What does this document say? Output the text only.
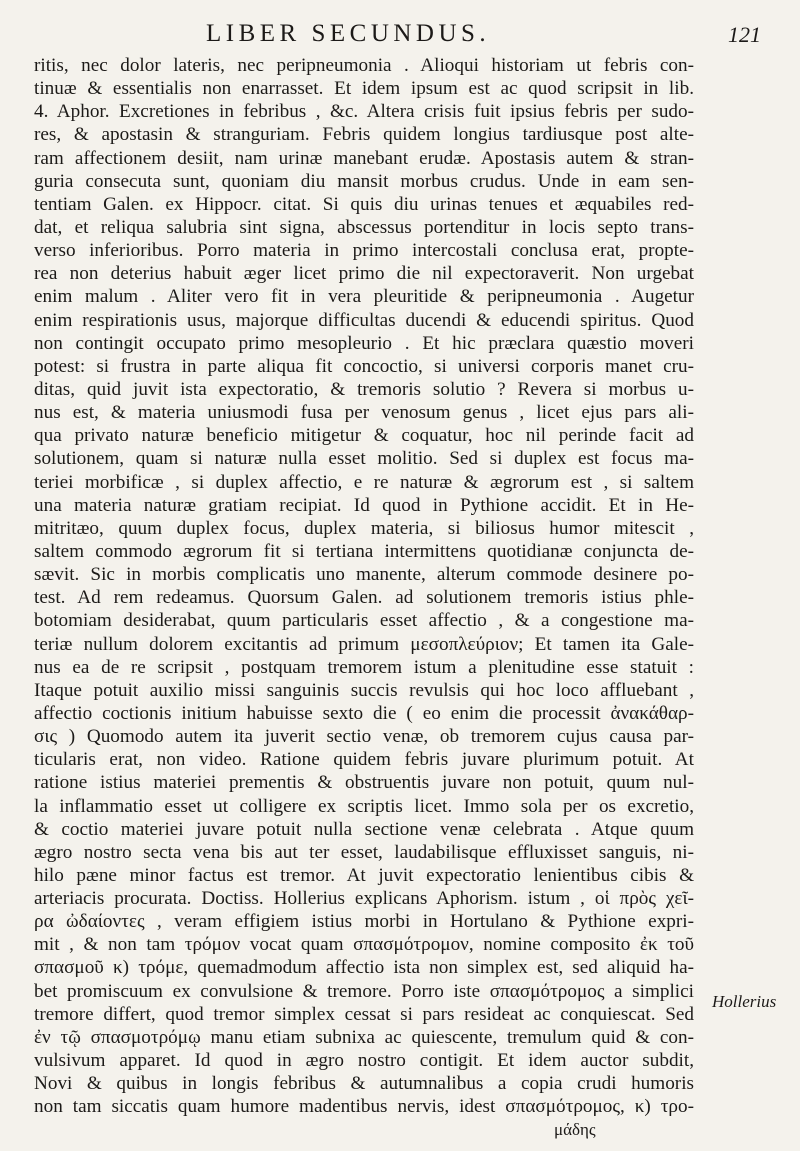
LIBER SECUNDUS.	121
ritis, nec dolor lateris, nec peripneumonia . Alioqui historiam ut febris con-
tinuæ & essentialis non enarrasset. Et idem ipsum est ac quod scripsit in lib.
4. Aphor. Excretiones in febribus , &c. Altera crisis fuit ipsius febris per sudo-
res, & apostasin & stranguriam. Febris quidem longius tardiusque post alte-
ram affectionem desiit, nam urinæ manebant erudæ. Apostasis autem & stran-
guria consecuta sunt, quoniam diu mansit morbus crudus. Unde in eam sen-
tentiam Galen. ex Hippocr. citat. Si quis diu urinas tenues et æquabiles red-
dat, et reliqua salubria sint signa, abscessus portenditur in locis septo trans-
verso inferioribus. Porro materia in primo intercostali conclusa erat, propte-
rea non deterius habuit æger licet primo die nil expectoraverit. Non urgebat
enim malum . Aliter vero fit in vera pleuritide & peripneumonia . Augetur
enim respirationis usus, majorque difficultas ducendi & educendi spiritus. Quod
non contingit occupato primo mesopleurio . Et hic præclara quæstio moveri
potest: si frustra in parte aliqua fit concoctio, si universi corporis manet cru-
ditas, quid juvit ista expectoratio, & tremoris solutio ? Revera si morbus u-
nus est, & materia uniusmodi fusa per venosum genus , licet ejus pars ali-
qua privato naturæ beneficio mitigetur & coquatur, hoc nil perinde facit ad
solutionem, quam si naturæ nulla esset molitio. Sed si duplex est focus ma-
teriei morbificæ , si duplex affectio, e re naturæ & ægrorum est , si saltem
una materia naturæ gratiam recipiat. Id quod in Pythione accidit. Et in He-
mitritæo, quum duplex focus, duplex materia, si biliosus humor mitescit ,
saltem commodo ægrorum fit si tertiana intermittens quotidianæ conjuncta de-
sævit. Sic in morbis complicatis uno manente, alterum commode desinere po-
test. Ad rem redeamus. Quorsum Galen. ad solutionem tremoris istius phle-
botomiam desiderabat, quum particularis esset affectio , & a congestione ma-
teriæ nullum dolorem excitantis ad primum μεσοπλεύριον; Et tamen ita Gale-
nus ea de re scripsit , postquam tremorem istum a plenitudine esse statuit :
Itaque potuit auxilio missi sanguinis succis revulsis qui hoc loco affluebant ,
affectio coctionis initium habuisse sexto die ( eo enim die processit ἀνακάθαρ-
σις ) Quomodo autem ita juverit sectio venæ, ob tremorem cujus causa par-
ticularis erat, non video. Ratione quidem febris juvare plurimum potuit. At
ratione istius materiei prementis & obstruentis juvare non potuit, quum nul-
la inflammatio esset ut colligere ex scriptis licet. Immo sola per os excretio,
& coctio materiei juvare potuit nulla sectione venæ celebrata . Atque quum
ægro nostro secta vena bis aut ter esset, laudabilisque effluxisset sanguis, ni-
hilo pæne minor factus est tremor. At juvit expectoratio lenientibus cibis &
arteriacis procurata. Doctiss. Hollerius explicans Aphorism. istum , οἱ πρὸς χεῖ-
ρα ὠδαίοντες , veram effigiem istius morbi in Hortulano & Pythione expri-
mit , & non tam τρόμον vocat quam σπασμότρομον, nomine composito ἐκ τοῦ
σπασμοῦ κ) τρόμε, quemadmodum affectio ista non simplex est, sed aliquid ha-
bet promiscuum ex convulsione & tremore. Porro iste σπασμότρομος a simplici
tremore differt, quod tremor simplex cessat si pars resideat ac conquiescat. Sed
ἐν τῷ σπασμοτρόμῳ manu etiam subnixa ac quiescente, tremulum quid & con-
vulsivum apparet. Id quod in ægro nostro contigit. Et idem auctor subdit,
Novi & quibus in longis febribus & autumnalibus a copia crudi humoris
non tam siccatis quam humore madentibus nervis, idest σπασμότρομος, κ) τρο-
μάδης
Hollerius
